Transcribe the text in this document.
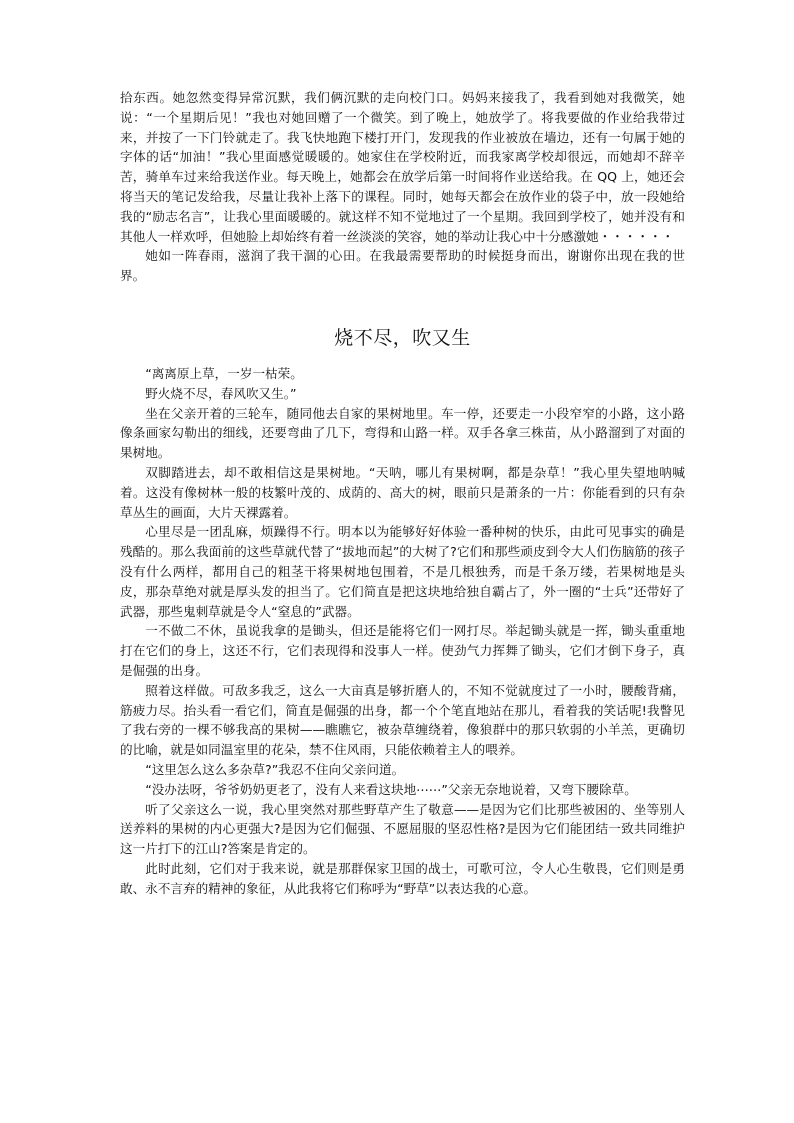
拾东西。她忽然变得异常沉默，我们俩沉默的走向校门口。妈妈来接我了，我看到她对我微笑，她说：“一个星期后见！”我也对她回赠了一个微笑。到了晚上，她放学了。将我要做的作业给我带过来，并按了一下门铃就走了。我飞快地跑下楼打开门，发现我的作业被放在墙边，还有一句属于她的字体的话“加油！”我心里面感觉暖暖的。她家住在学校附近，而我家离学校却很远，而她却不辞辛苦，骑单车过来给我送作业。每天晚上，她都会在放学后第一时间将作业送给我。在 QQ 上，她还会将当天的笔记发给我，尽量让我补上落下的课程。同时，她每天都会在放作业的袋子中，放一段她给我的“励志名言”，让我心里面暖暖的。就这样不知不觉地过了一个星期。我回到学校了，她并没有和其他人一样欢呼，但她脸上却始终有着一丝淡淡的笑容，她的举动让我心中十分感激她・・・・・・

她如一阵春雨，滋润了我干涸的心田。在我最需要帮助的时候挺身而出，谢谢你出现在我的世界。

烧不尽，吹又生

“离离原上草，一岁一枯荣。

野火烧不尽，春风吹又生。”

坐在父亲开着的三轮车，随同他去自家的果树地里。车一停，还要走一小段窄窄的小路，这小路像条画家勾勒出的细线，还要弯曲了几下，弯得和山路一样。双手各拿三株苗，从小路溜到了对面的果树地。

双脚踏进去，却不敢相信这是果树地。“天呐，哪儿有果树啊，都是杂草！”我心里失望地呐喊着。这没有像树林一般的枝繁叶茂的、成荫的、高大的树，眼前只是萧条的一片：你能看到的只有杂草丛生的画面，大片天裸露着。

心里尽是一团乱麻，烦躁得不行。明本以为能够好好体验一番种树的快乐，由此可见事实的确是残酷的。那么我面前的这些草就代替了“拔地而起”的大树了?它们和那些顽皮到令大人们伤脑筋的孩子没有什么两样，都用自己的粗茎干将果树地包围着，不是几根独秀，而是千条万缕，若果树地是头皮，那杂草绝对就是厚头发的担当了。它们简直是把这块地给独自霸占了，外一圈的“士兵”还带好了武器，那些鬼刺草就是令人“窒息的”武器。

一不做二不休，虽说我拿的是锄头，但还是能将它们一网打尽。举起锄头就是一挥，锄头重重地打在它们的身上，这还不行，它们表现得和没事人一样。使劲气力挥舞了锄头，它们才倒下身子，真是倔强的出身。

照着这样做。可敌多我乏，这么一大亩真是够折磨人的，不知不觉就度过了一小时，腰酸背痛，筋疲力尽。抬头看一看它们，简直是倔强的出身，都一个个笔直地站在那儿，看着我的笑话呢!我瞥见了我右旁的一棵不够我高的果树——瞧瞧它，被杂草缠绕着，像狼群中的那只软弱的小羊羔，更确切的比喻，就是如同温室里的花朵，禁不住风雨，只能依赖着主人的喂养。

“这里怎么这么多杂草?”我忍不住向父亲问道。

“没办法呀，爷爷奶奶更老了，没有人来看这块地⋯⋯”父亲无奈地说着，又弯下腰除草。

听了父亲这么一说，我心里突然对那些野草产生了敬意——是因为它们比那些被困的、坐等别人送养料的果树的内心更强大?是因为它们倔强、不愿屈服的坚忍性格?是因为它们能团结一致共同维护这一片打下的江山?答案是肯定的。

此时此刻，它们对于我来说，就是那群保家卫国的战士，可歌可泣，令人心生敬畏，它们则是勇敢、永不言弃的精神的象征，从此我将它们称呼为“野草”以表达我的心意。
